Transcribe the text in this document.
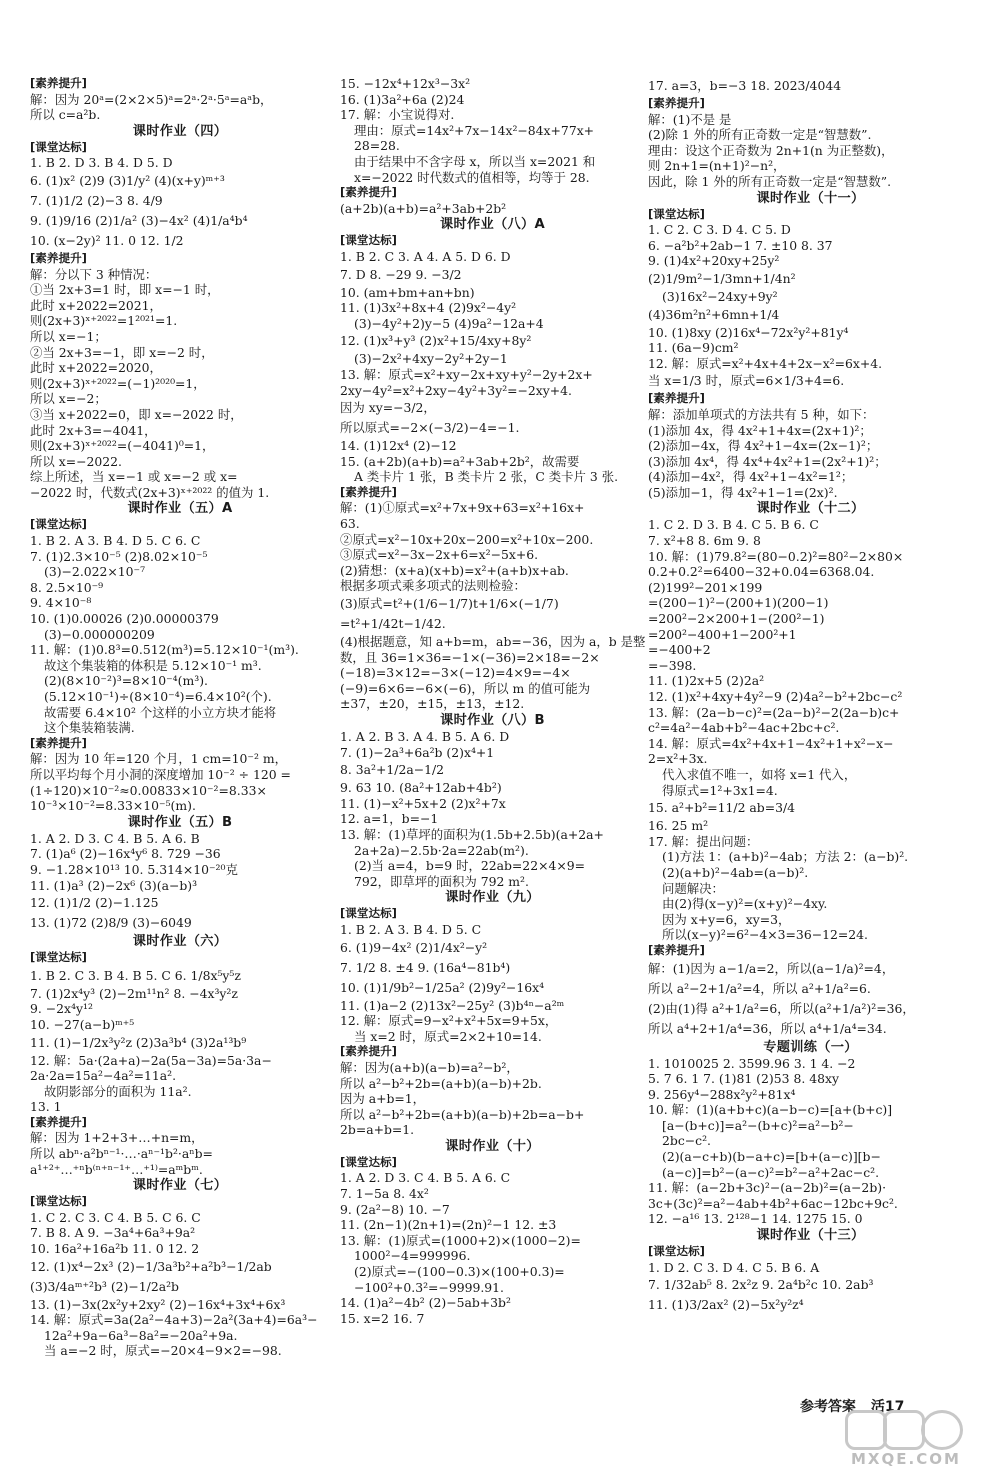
[素养提升]
解：因为 20ᵃ=(2×2×5)ᵃ=2ᵃ·2ᵃ·5ᵃ=aᵃb，
所以 c=a²b.
课时作业（四）
[课堂达标]
1. B 2. D 3. B 4. D 5. D
6. (1)x² (2)9 (3)1/y² (4)(x+y)ᵐ⁺³
7. (1)1/2 (2)−3 8. 4/9
9. (1)9/16 (2)1/a² (3)−4x² (4)1/a⁴b⁴
10. (x−2y)² 11. 0 12. 1/2
[素养提升]
解：分以下 3 种情况：
①当 2x+3=1 时，即 x=−1 时，
此时 x+2022=2021，
则(2x+3)ˣ⁺²⁰²²=1²⁰²¹=1.
所以 x=−1；
②当 2x+3=−1，即 x=−2 时，
此时 x+2022=2020，
则(2x+3)ˣ⁺²⁰²²=(−1)²⁰²⁰=1，
所以 x=−2；
③当 x+2022=0，即 x=−2022 时，
此时 2x+3=−4041，
则(2x+3)ˣ⁺²⁰²²=(−4041)⁰=1，
所以 x=−2022.
综上所述，当 x=−1 或 x=−2 或 x=
−2022 时，代数式(2x+3)ˣ⁺²⁰²² 的值为 1.
课时作业（五）A
[课堂达标]
1. B 2. A 3. B 4. D 5. C 6. C
7. (1)2.3×10⁻⁵ (2)8.02×10⁻⁵
(3)−2.022×10⁻⁷
8. 2.5×10⁻⁹
9. 4×10⁻⁸
10. (1)0.00026 (2)0.00000379
(3)−0.000000209
11. 解：(1)0.8³=0.512(m³)=5.12×10⁻¹(m³).
故这个集装箱的体积是 5.12×10⁻¹ m³.
(2)(8×10⁻²)³=8×10⁻⁴(m³).
(5.12×10⁻¹)÷(8×10⁻⁴)=6.4×10²(个).
故需要 6.4×10² 个这样的小立方块才能将
这个集装箱装满.
[素养提升]
解：因为 10 年=120 个月，1 cm=10⁻² m，
所以平均每个月小洞的深度增加 10⁻² ÷ 120 =
(1÷120)×10⁻²≈0.00833×10⁻²=8.33×
10⁻³×10⁻²=8.33×10⁻⁵(m).
课时作业（五）B
1. A 2. D 3. C 4. B 5. A 6. B
7. (1)a⁶ (2)−16x⁴y⁶ 8. 729 −36
9. −1.28×10¹³ 10. 5.314×10⁻²⁰克
11. (1)a³ (2)−2x⁶ (3)(a−b)³
12. (1)1/2 (2)−1.125
13. (1)72 (2)8/9 (3)−6049
课时作业（六）
[课堂达标]
1. B 2. C 3. B 4. B 5. C 6. 1/8x⁵y⁵z
7. (1)2x⁴y³ (2)−2m¹¹n² 8. −4x³y²z
9. −2x⁴y¹²
10. −27(a−b)ᵐ⁺⁵
11. (1)−1/2x³y²z (2)3a³b⁴ (3)2a¹³b⁹
12. 解：5a·(2a+a)−2a(5a−3a)=5a·3a−
2a·2a=15a²−4a²=11a².
故阴影部分的面积为 11a².
13. 1
[素养提升]
解：因为 1+2+3+…+n=m，
所以 abⁿ·a²bⁿ⁻¹·…·aⁿ⁻¹b²·aⁿb=
a¹⁺²⁺…⁺ⁿb⁽ⁿ⁺ⁿ⁻¹⁺…⁺¹⁾=aᵐbᵐ.
课时作业（七）
[课堂达标]
1. C 2. C 3. C 4. B 5. C 6. C
7. B 8. A 9. −3a⁴+6a³+9a²
10. 16a²+16a²b 11. 0 12. 2
12. (1)x⁴−2x³ (2)−1/3a³b²+a²b³−1/2ab
(3)3/4aᵐ⁺²b³ (2)−1/2a²b
13. (1)−3x(2x²y+2xy² (2)−16x⁴+3x⁴+6x³
14. 解：原式=3a(2a²−4a+3)−2a²(3a+4)=6a³−
12a²+9a−6a³−8a²=−20a²+9a.
当 a=−2 时，原式=−20×4−9×2=−98.
15. −12x⁴+12x³−3x²
16. (1)3a²+6a (2)24
17. 解：小宝说得对.
理由：原式=14x²+7x−14x²−84x+77x+
28=28.
由于结果中不含字母 x，所以当 x=2021 和
x=−2022 时代数式的值相等，均等于 28.
[素养提升]
(a+2b)(a+b)=a²+3ab+2b²
课时作业（八）A
[课堂达标]
1. B 2. C 3. A 4. A 5. D 6. D
7. D 8. −29 9. −3/2
10. (am+bm+an+bn)
11. (1)3x²+8x+4 (2)9x²−4y²
(3)−4y²+2)y−5 (4)9a²−12a+4
12. (1)x³+y³ (2)x²+15/4xy+8y²
(3)−2x²+4xy−2y²+2y−1
13. 解：原式=x²+xy−2x+xy+y²−2y+2x+
2xy−4y²=x²+2xy−4y²+3y²=−2xy+4.
因为 xy=−3/2，
所以原式=−2×(−3/2)−4=−1.
14. (1)12x⁴ (2)−12
15. (a+2b)(a+b)=a²+3ab+2b²，故需要
A 类卡片 1 张，B 类卡片 2 张，C 类卡片 3 张.
[素养提升]
解：(1)①原式=x²+7x+9x+63=x²+16x+
63.
②原式=x²−10x+20x−200=x²+10x−200.
③原式=x²−3x−2x+6=x²−5x+6.
(2)猜想：(x+a)(x+b)=x²+(a+b)x+ab.
根据多项式乘多项式的法则检验：
(3)原式=t²+(1/6−1/7)t+1/6×(−1/7)
=t²+1/42t−1/42.
(4)根据题意，知 a+b=m，ab=−36，因为 a，b 是整
数，且 36=1×36=−1×(−36)=2×18=−2×
(−18)=3×12=−3×(−12)=4×9=−4×
(−9)=6×6=−6×(−6)，所以 m 的值可能为
±37，±20，±15，±13，±12.
课时作业（八）B
1. A 2. B 3. A 4. B 5. A 6. D
7. (1)−2a³+6a²b (2)x⁴+1
8. 3a²+1/2a−1/2
9. 63 10. (8a²+12ab+4b²)
11. (1)−x²+5x+2 (2)x²+7x
12. a=1，b=−1
13. 解：(1)草坪的面积为(1.5b+2.5b)(a+2a+
2a+2a)−2.5b·2a=22ab(m²).
(2)当 a=4，b=9 时，22ab=22×4×9=
792，即草坪的面积为 792 m².
课时作业（九）
[课堂达标]
1. B 2. A 3. B 4. D 5. C
6. (1)9−4x² (2)1/4x²−y²
7. 1/2 8. ±4 9. (16a⁴−81b⁴)
10. (1)1/9b²−1/25a² (2)9y²−16x⁴
11. (1)a−2 (2)13x²−25y² (3)b⁴ⁿ−a²ᵐ
12. 解：原式=9−x²+x²+5x=9+5x，
当 x=2 时，原式=2×2+10=14.
[素养提升]
解：因为(a+b)(a−b)=a²−b²，
所以 a²−b²+2b=(a+b)(a−b)+2b.
因为 a+b=1，
所以 a²−b²+2b=(a+b)(a−b)+2b=a−b+
2b=a+b=1.
课时作业（十）
[课堂达标]
1. A 2. D 3. C 4. B 5. A 6. C
7. 1−5a 8. 4x²
9. (2a²−8) 10. −7
11. (2n−1)(2n+1)=(2n)²−1 12. ±3
13. 解：(1)原式=(1000+2)×(1000−2)=
1000²−4=999996.
(2)原式=−(100−0.3)×(100+0.3)=
−100²+0.3²=−9999.91.
14. (1)a²−4b² (2)−5ab+3b²
15. x=2 16. 7
17. a=3，b=−3 18. 2023/4044
[素养提升]
解：(1)不是 是
(2)除 1 外的所有正奇数一定是“智慧数”.
理由：设这个正奇数为 2n+1(n 为正整数)，
则 2n+1=(n+1)²−n²，
因此，除 1 外的所有正奇数一定是“智慧数”.
课时作业（十一）
[课堂达标]
1. C 2. C 3. D 4. C 5. D
6. −a²b²+2ab−1 7. ±10 8. 37
9. (1)4x²+20xy+25y²
(2)1/9m²−1/3mn+1/4n²
(3)16x²−24xy+9y²
(4)36m²n²+6mn+1/4
10. (1)8xy (2)16x⁴−72x²y²+81y⁴
11. (6a−9)cm²
12. 解：原式=x²+4x+4+2x−x²=6x+4.
当 x=1/3 时，原式=6×1/3+4=6.
[素养提升]
解：添加单项式的方法共有 5 种，如下：
(1)添加 4x，得 4x²+1+4x=(2x+1)²；
(2)添加−4x，得 4x²+1−4x=(2x−1)²；
(3)添加 4x⁴，得 4x⁴+4x²+1=(2x²+1)²；
(4)添加−4x²，得 4x²+1−4x²=1²；
(5)添加−1，得 4x²+1−1=(2x)².
课时作业（十二）
1. C 2. D 3. B 4. C 5. B 6. C
7. x²+8 8. 6m 9. 8
10. 解：(1)79.8²=(80−0.2)²=80²−2×80×
0.2+0.2²=6400−32+0.04=6368.04.
(2)199²−201×199
=(200−1)²−(200+1)(200−1)
=200²−2×200+1−(200²−1)
=200²−400+1−200²+1
=−400+2
=−398.
11. (1)2x+5 (2)2a²
12. (1)x²+4xy+4y²−9 (2)4a²−b²+2bc−c²
13. 解：(2a−b−c)²=(2a−b)²−2(2a−b)c+
c²=4a²−4ab+b²−4ac+2bc+c².
14. 解：原式=4x²+4x+1−4x²+1+x²−x−
2=x²+3x.
代入求值不唯一，如将 x=1 代入，
得原式=1²+3x1=4.
15. a²+b²=11/2 ab=3/4
16. 25 m²
17. 解：提出问题：
(1)方法 1：(a+b)²−4ab；方法 2：(a−b)².
(2)(a+b)²−4ab=(a−b)².
问题解决：
由(2)得(x−y)²=(x+y)²−4xy.
因为 x+y=6，xy=3，
所以(x−y)²=6²−4×3=36−12=24.
[素养提升]
解：(1)因为 a−1/a=2，所以(a−1/a)²=4，
所以 a²−2+1/a²=4，所以 a²+1/a²=6.
(2)由(1)得 a²+1/a²=6，所以(a²+1/a²)²=36，
所以 a⁴+2+1/a⁴=36，所以 a⁴+1/a⁴=34.
专题训练（一）
1. 1010025 2. 3599.96 3. 1 4. −2
5. 7 6. 1 7. (1)81 (2)53 8. 48xy
9. 256y⁴−288x²y²+81x⁴
10. 解：(1)(a+b+c)(a−b−c)=[a+(b+c)]
[a−(b+c)]=a²−(b+c)²=a²−b²−
2bc−c².
(2)(a−c+b)(b−a+c)=[b+(a−c)][b−
(a−c)]=b²−(a−c)²=b²−a²+2ac−c².
11. 解：(a−2b+3c)²−(a−2b)²=(a−2b)·
3c+(3c)²=a²−4ab+4b²+6ac−12bc+9c².
12. −a¹⁶ 13. 2¹²⁸−1 14. 1275 15. 0
课时作业（十三）
[课堂达标]
1. D 2. C 3. D 4. C 5. B 6. A
7. 1/32ab⁵ 8. 2x²z 9. 2a⁴b²c 10. 2ab³
11. (1)3/2ax² (2)−5x²y²z⁴
参考答案 活17
MXQE.COM
